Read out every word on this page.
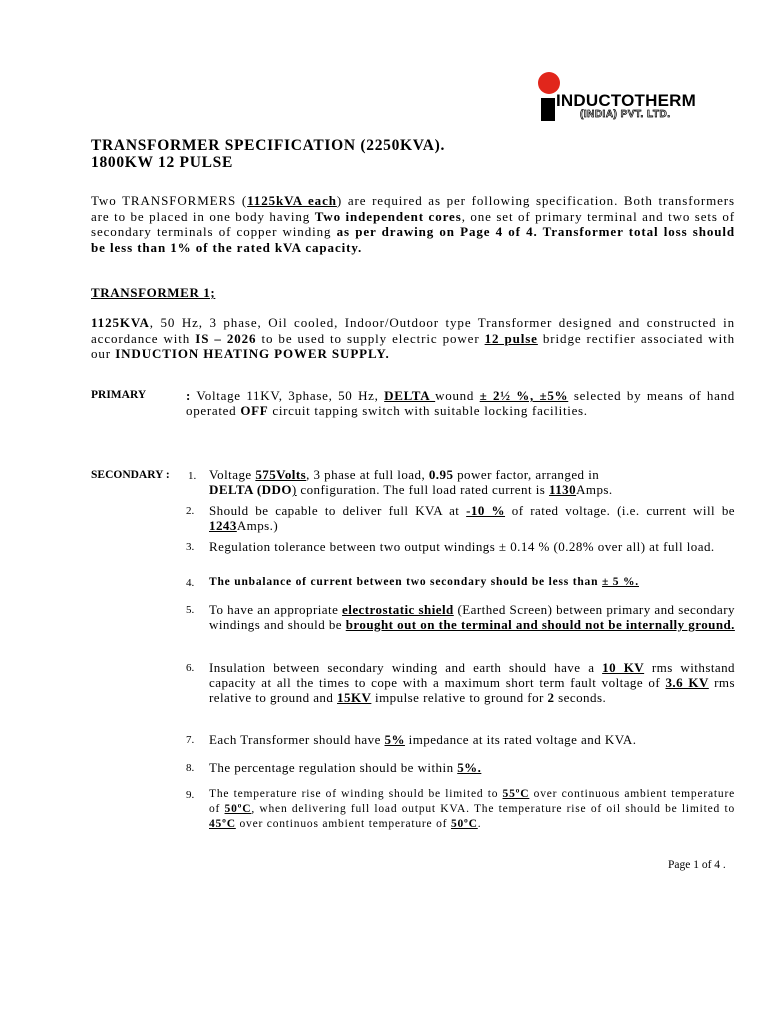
INDUCTOTHERM
(INDIA) PVT. LTD.
TRANSFORMER SPECIFICATION (2250KVA).
1800KW 12 PULSE
Two TRANSFORMERS (1125kVA each) are required as per following specification. Both transformers are to be placed in one body having Two independent cores, one set of primary terminal and two sets of secondary terminals of copper winding as per drawing on Page 4 of 4. Transformer total loss should be less than 1% of the rated kVA capacity.
TRANSFORMER 1;
1125KVA, 50 Hz, 3 phase, Oil cooled, Indoor/Outdoor type Transformer designed and constructed in accordance with IS – 2026 to be used to supply electric power 12 pulse bridge rectifier associated with our INDUCTION HEATING POWER SUPPLY.
PRIMARY	: Voltage 11KV, 3phase, 50 Hz, DELTA wound ± 2½ %, ±5% selected by means of hand operated OFF circuit tapping switch with suitable locking facilities.
SECONDARY : 1. Voltage 575Volts, 3 phase at full load, 0.95 power factor, arranged in
DELTA (DDO) configuration. The full load rated current is 1130Amps.
2. Should be capable to deliver full KVA at -10 % of rated voltage. (i.e. current will be 1243Amps.)
3. Regulation tolerance between two output windings ± 0.14 % (0.28% over all) at full load.
4. The unbalance of current between two secondary should be less than ± 5 %.
5. To have an appropriate electrostatic shield (Earthed Screen) between primary and secondary windings and should be brought out on the terminal and should not be internally ground.
6. Insulation between secondary winding and earth should have a 10 KV rms withstand capacity at all the times to cope with a maximum short term fault voltage of 3.6 KV rms relative to ground and 15KV impulse relative to ground for 2 seconds.
7. Each Transformer should have 5% impedance at its rated voltage and KVA.
8. The percentage regulation should be within 5%.
9. The temperature rise of winding should be limited to 55ºC over continuous ambient temperature of 50ºC, when delivering full load output KVA. The temperature rise of oil should be limited to 45ºC over continuos ambient temperature of 50ºC.
Page 1 of 4 .
